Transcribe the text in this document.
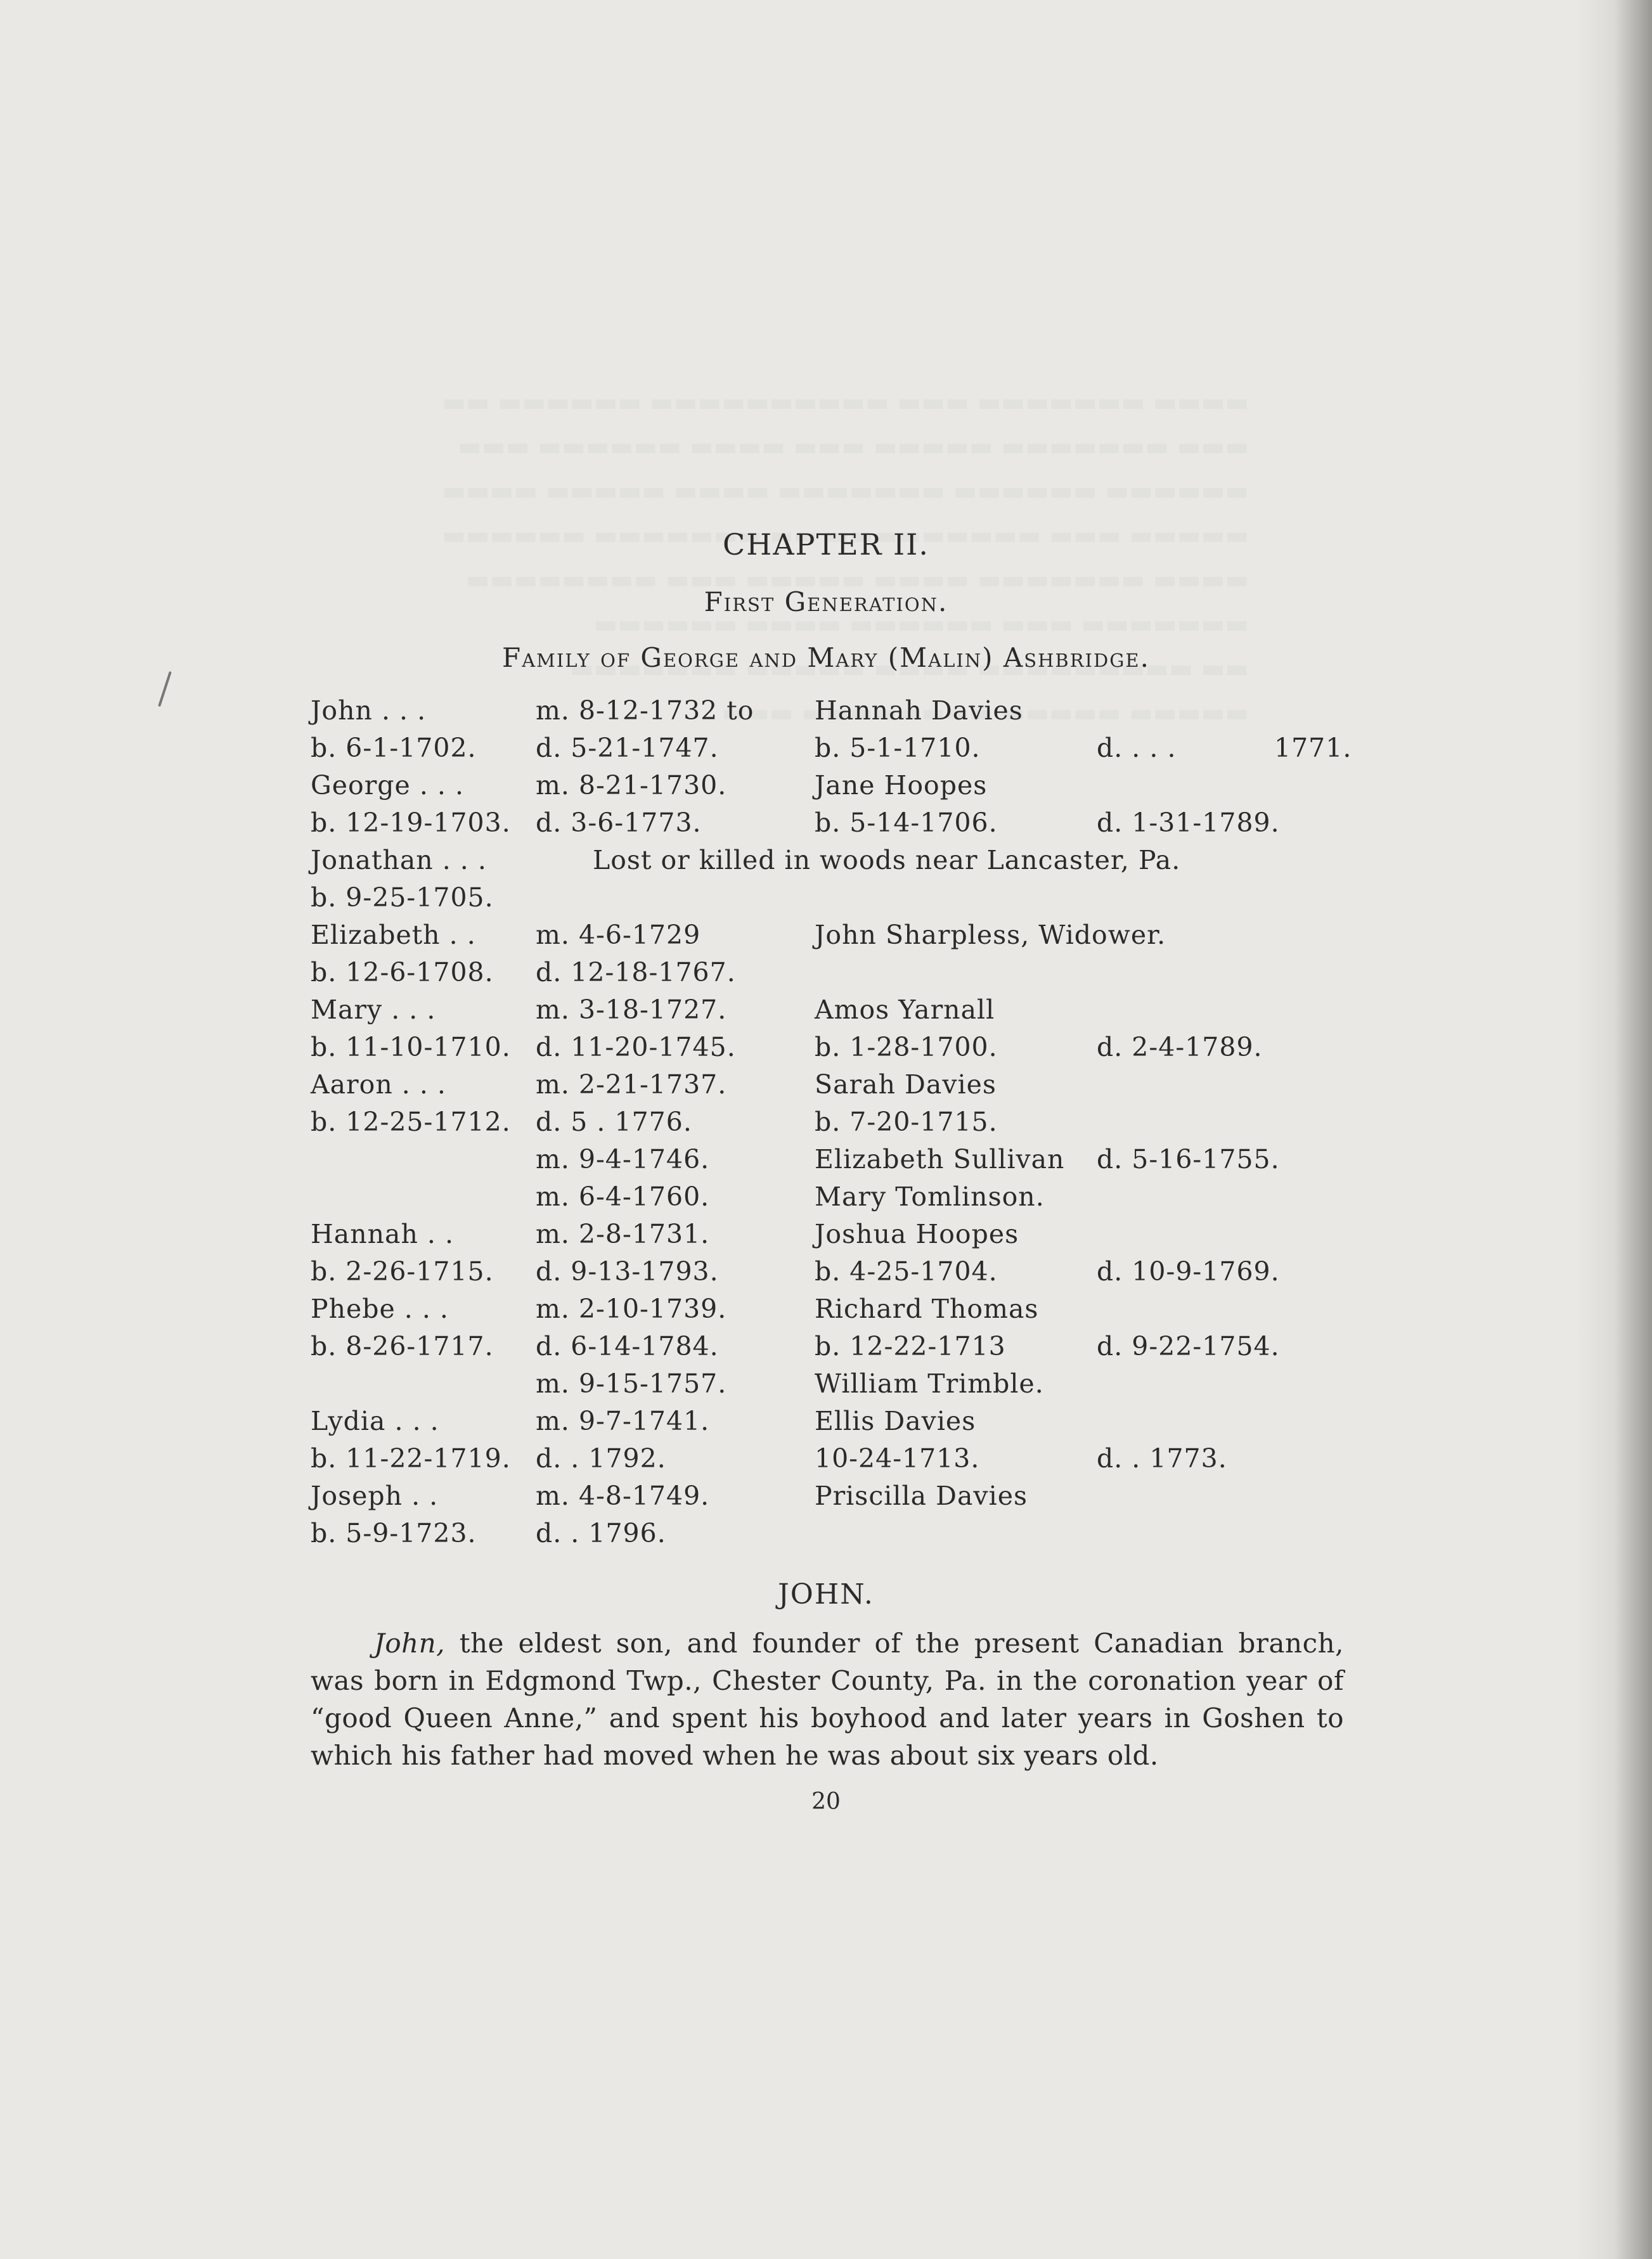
CHAPTER II.
First Generation.
Family of George and Mary (Malin) Ashbridge.
John . . .	m. 8-12-1732 to Hannah Davies
b. 6-1-1702. d. 5-21-1747.	b. 5-1-1710.	d. . . .	1771.
George . . .	m. 8-21-1730.	Jane Hoopes
b. 12-19-1703. d. 3-6-1773.	b. 5-14-1706.	d. 1-31-1789.
Jonathan . . .	Lost or killed in woods near Lancaster, Pa.
b. 9-25-1705.
Elizabeth . . m. 4-6-1729	John Sharpless, Widower.
b. 12-6-1708. d. 12-18-1767.
Mary . . .	m. 3-18-1727.	Amos Yarnall
b. 11-10-1710. d. 11-20-1745.	b. 1-28-1700.	d. 2-4-1789.
Aaron . . .	m. 2-21-1737.	Sarah Davies
b. 12-25-1712. d. 5 . 1776.	b. 7-20-1715.
m. 9-4-1746.	Elizabeth Sullivan d. 5-16-1755.
m. 6-4-1760.	Mary Tomlinson.
Hannah . .	m. 2-8-1731.	Joshua Hoopes
b. 2-26-1715. d. 9-13-1793.	b. 4-25-1704.	d. 10-9-1769.
Phebe . . .	m. 2-10-1739.	Richard Thomas
b. 8-26-1717. d. 6-14-1784.	b. 12-22-1713	d. 9-22-1754.
m. 9-15-1757.	William Trimble.
Lydia . . .	m. 9-7-1741.	Ellis Davies
b. 11-22-1719. d. . 1792.	10-24-1713.	d. . 1773.
Joseph . .	m. 4-8-1749.	Priscilla Davies
b. 5-9-1723. d. . 1796.
JOHN.
John, the eldest son, and founder of the present Canadian branch, was born in Edgmond Twp., Chester County, Pa. in the coronation year of “good Queen Anne,” and spent his boyhood and later years in Goshen to which his father had moved when he was about six years old.
20
